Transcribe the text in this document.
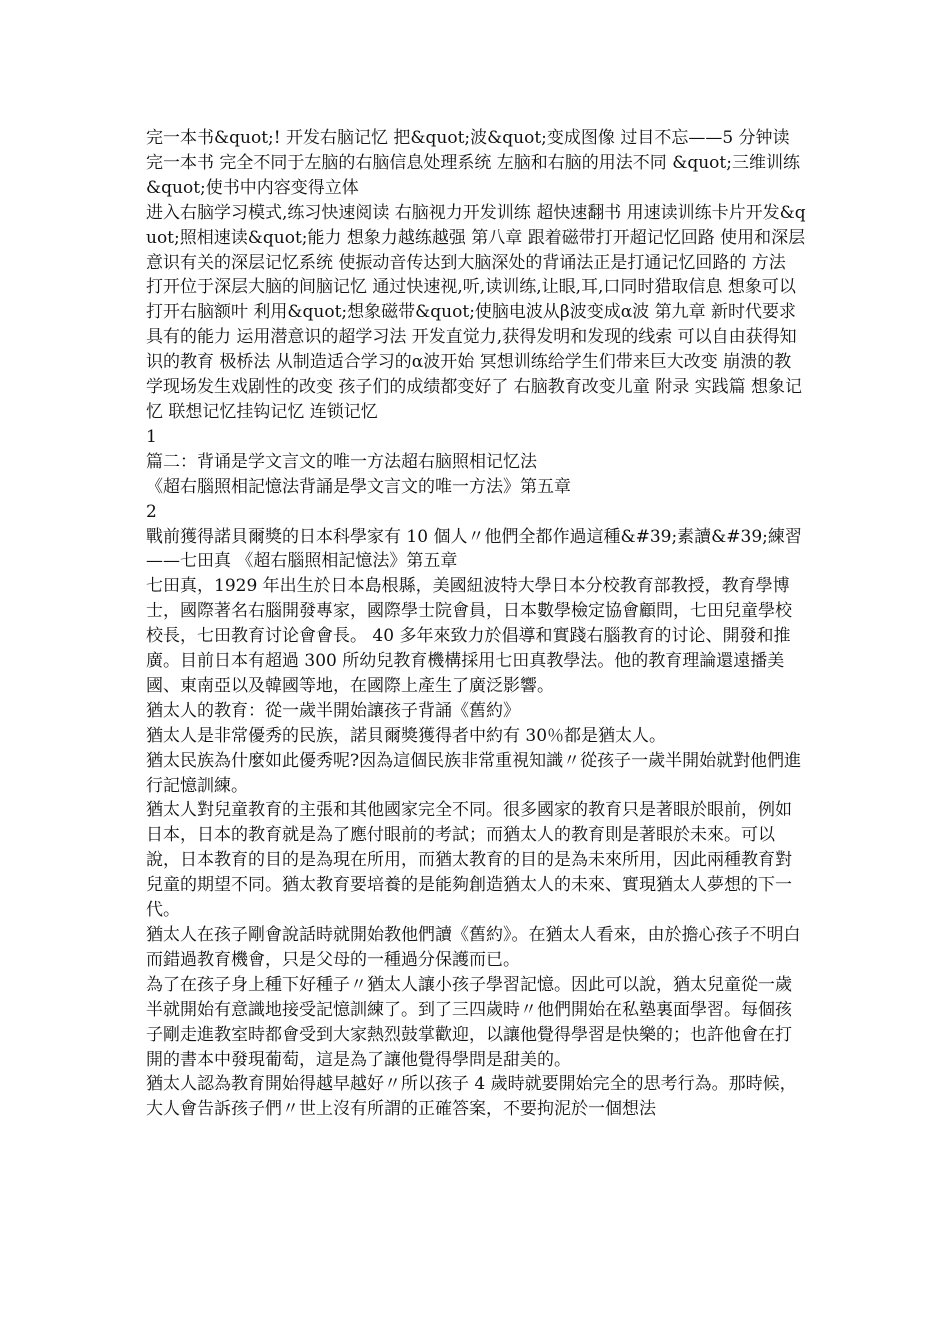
完一本书&quot;! 开发右脑记忆 把&quot;波&quot;变成图像 过目不忘——5 分钟读完一本书 完全不同于左脑的右脑信息处理系统 左脑和右脑的用法不同 &quot;三维训练&quot;使书中内容变得立体

进入右脑学习模式,练习快速阅读 右脑视力开发训练 超快速翻书 用速读训练卡片开发&quot;照相速读&quot;能力 想象力越练越强 第八章 跟着磁带打开超记忆回路 使用和深层意识有关的深层记忆系统 使振动音传达到大脑深处的背诵法正是打通记忆回路的 方法 打开位于深层大脑的间脑记忆 通过快速视,听,读训练,让眼,耳,口同时猎取信息 想象可以打开右脑额叶 利用&quot;想象磁带&quot;使脑电波从β波变成α波 第九章 新时代要求具有的能力 运用潜意识的超学习法 开发直觉力,获得发明和发现的线索 可以自由获得知识的教育 极桥法 从制造适合学习的α波开始 冥想训练给学生们带来巨大改变 崩溃的教学现场发生戏剧性的改变 孩子们的成绩都变好了 右脑教育改变儿童 附录 实践篇 想象记忆 联想记忆挂钩记忆 连锁记忆

1

篇二：背诵是学文言文的唯一方法超右脑照相记忆法

《超右腦照相記憶法背誦是學文言文的唯一方法》第五章

2

戰前獲得諾貝爾獎的日本科學家有 10 個人〃他們全都作過這種&#39;素讀&#39;練習

——七田真 《超右腦照相記憶法》第五章

七田真，1929 年出生於日本島根縣，美國紐波特大學日本分校教育部教授，教育學博士，國際著名右腦開發專家，國際學士院會員，日本數學檢定協會顧問，七田兒童學校校長，七田教育讨论會會長。 40 多年來致力於倡導和實踐右腦教育的讨论、開發和推廣。目前日本有超過 300 所幼兒教育機構採用七田真教學法。他的教育理論還遠播美國、東南亞以及韓國等地，在國際上產生了廣泛影響。

猶太人的教育：從一歲半開始讓孩子背誦《舊約》

猶太人是非常優秀的民族，諾貝爾獎獲得者中約有 30％都是猶太人。

猶太民族為什麼如此優秀呢?因為這個民族非常重視知識〃從孩子一歲半開始就對他們進行記憶訓練。

猶太人對兒童教育的主張和其他國家完全不同。很多國家的教育只是著眼於眼前，例如日本，日本的教育就是為了應付眼前的考試；而猶太人的教育則是著眼於未來。可以說，日本教育的目的是為現在所用，而猶太教育的目的是為未來所用，因此兩種教育對兒童的期望不同。猶太教育要培養的是能夠創造猶太人的未來、實現猶太人夢想的下一代。

猶太人在孩子剛會說話時就開始教他們讀《舊約》。在猶太人看來，由於擔心孩子不明白而錯過教育機會，只是父母的一種過分保護而已。

為了在孩子身上種下好種子〃猶太人讓小孩子學習記憶。因此可以說，猶太兒童從一歲半就開始有意識地接受記憶訓練了。到了三四歲時〃他們開始在私塾裏面學習。每個孩子剛走進教室時都會受到大家熱烈鼓掌歡迎，以讓他覺得學習是快樂的；也許他會在打開的書本中發現葡萄，這是為了讓他覺得學問是甜美的。

猶太人認為教育開始得越早越好〃所以孩子 4 歲時就要開始完全的思考行為。那時候，大人會告訴孩子們〃世上沒有所謂的正確答案，不要拘泥於一個想法
